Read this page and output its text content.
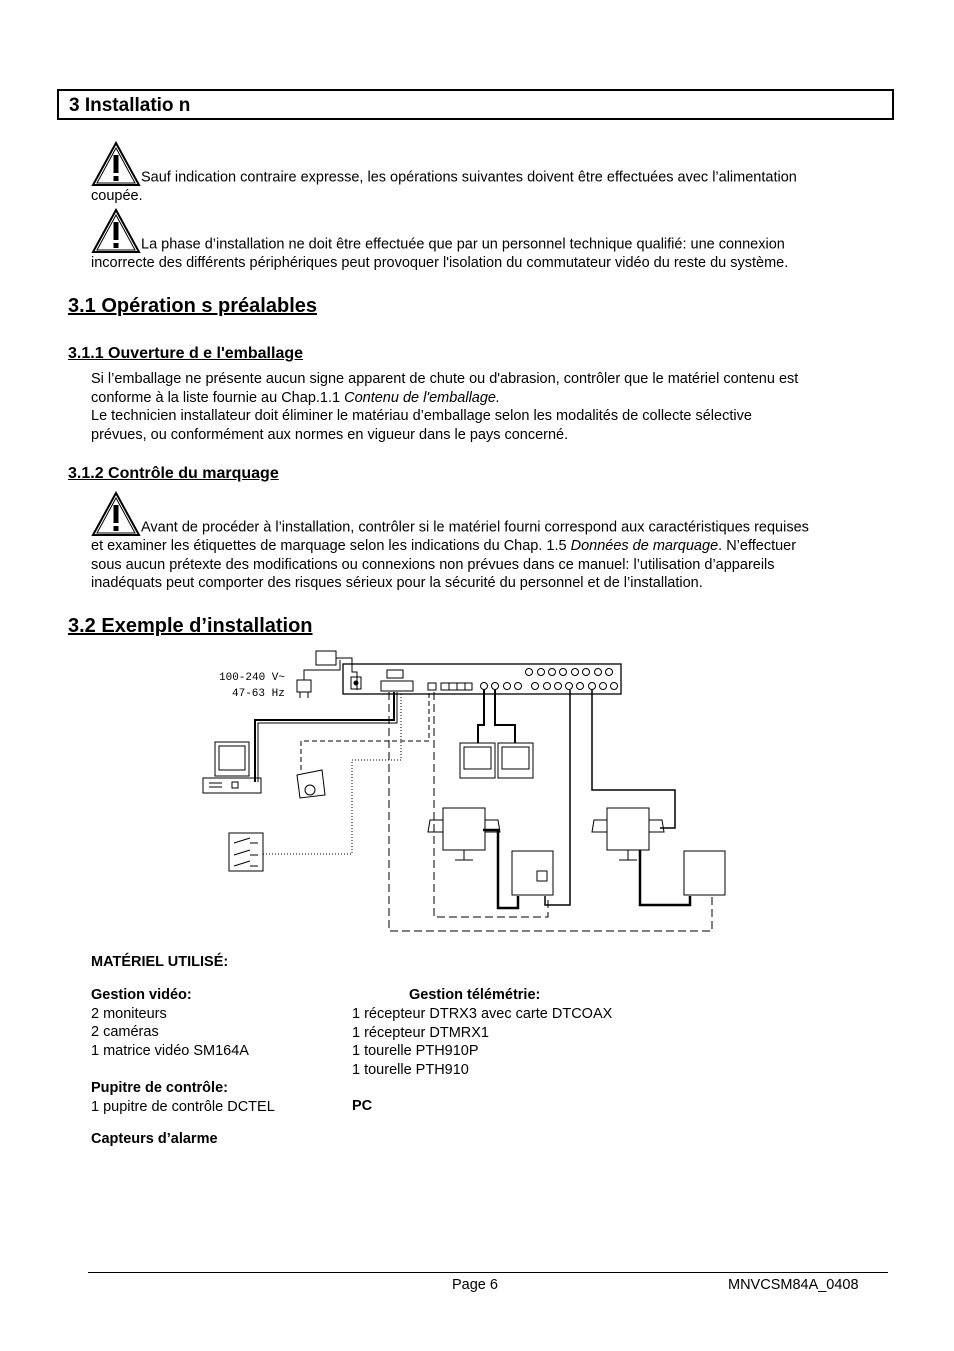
3 Installatio n
Sauf indication contraire expresse, les opérations suivantes doivent être effectuées avec l’alimentation
coupée.
La phase d’installation ne doit être effectuée que par un personnel technique qualifié: une connexion
incorrecte des différents périphériques peut provoquer l'isolation du commutateur vidéo du reste du système.
3.1 Opération s préalables
3.1.1 Ouverture d e l'emballage
Si l’emballage ne présente aucun signe apparent de chute ou d'abrasion, contrôler que le matériel contenu est
conforme à la liste fournie au Chap.1.1 Contenu de l'emballage.
Le technicien installateur doit éliminer le matériau d’emballage selon les modalités de collecte sélective
prévues, ou conformément aux normes en vigueur dans le pays concerné.
3.1.2 Contrôle du marquage
Avant de procéder à l’installation, contrôler si le matériel fourni correspond aux caractéristiques requises
et examiner les étiquettes de marquage selon les indications du Chap. 1.5 Données de marquage. N’effectuer
sous aucun prétexte des modifications ou connexions non prévues dans ce manuel: l’utilisation d’appareils
inadéquats peut comporter des risques sérieux pour la sécurité du personnel et de l’installation.
3.2 Exemple d’installation
100-240 V~
47-63 Hz
MATÉRIEL UTILISÉ:
Gestion vidéo:
2 moniteurs
2 caméras
1 matrice vidéo SM164A
Gestion télémétrie:
1 récepteur DTRX3 avec carte DTCOAX
1 récepteur DTMRX1
1 tourelle PTH910P
1 tourelle PTH910
Pupitre de contrôle:
1 pupitre de contrôle DCTEL	PC
Capteurs d’alarme
Page 6	MNVCSM84A_0408
